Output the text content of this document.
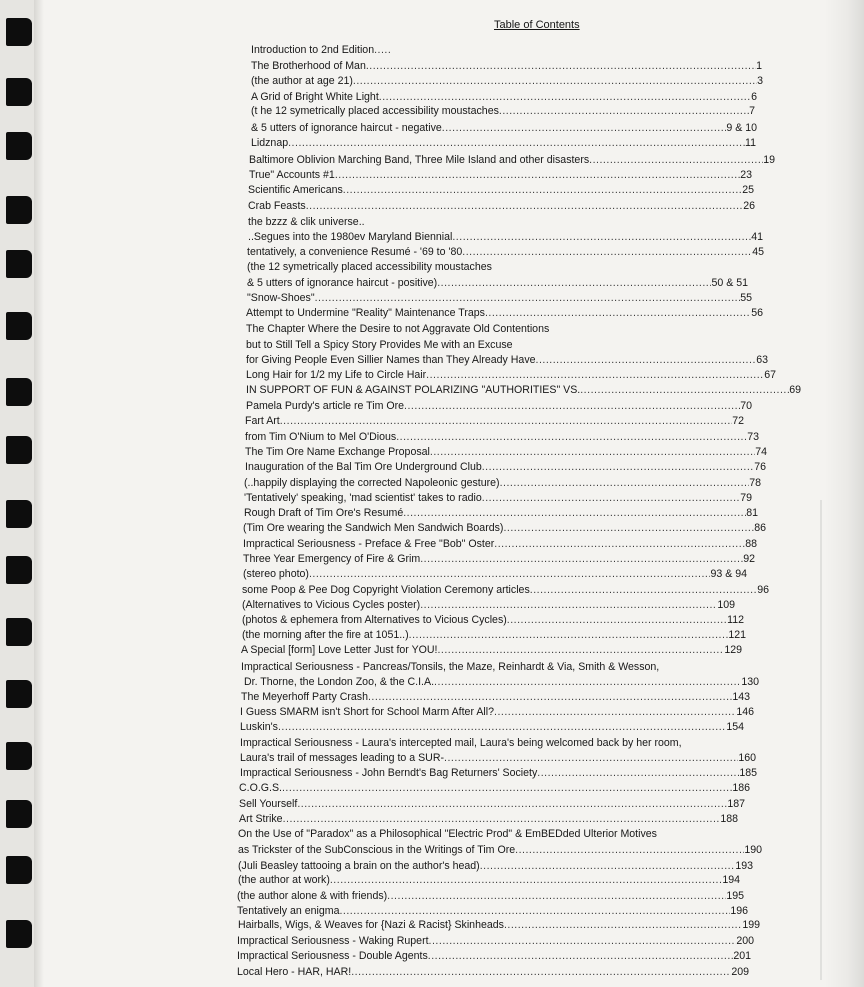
Table of Contents
Introduction to 2nd Edition
.....
The Brotherhood of Man .....	1
(the author at age 21) .....	3
A Grid of Bright White Light .....	6
(t he 12 symetrically placed accessibility moustaches .....	7
& 5 utters of ignorance haircut - negative .....	9 & 10
Lidznap .....	11
Baltimore Oblivion Marching Band, Three Mile Island and other disasters .....	19
True" Accounts #1 .....	23
Scientific Americans .....	25
Crab Feasts .....	26
the bzzz & clik universe..
..Segues into the 1980ev Maryland Biennial .....	41
tentatively, a convenience Resumé - '69 to '80 .....	45
(the 12 symetrically placed accessibility moustaches
& 5 utters of ignorance haircut - positive) .....	50 & 51
"Snow-Shoes" .....	55
Attempt to Undermine "Reality" Maintenance Traps .....	56
The Chapter Where the Desire to not Aggravate Old Contentions
but to Still Tell a Spicy Story Provides Me with an Excuse
for Giving People Even Sillier Names than They Already Have .....	63
Long Hair for 1/2 my Life to Circle Hair .....	67
IN SUPPORT OF FUN & AGAINST POLARIZING "AUTHORITIES" VS. .....	69
Pamela Purdy's article re Tim Ore .....	70
Fart Art .....	72
from Tim O'Nium to Mel O'Dious .....	73
The Tim Ore Name Exchange Proposal .....	74
Inauguration of the Bal Tim Ore Underground Club .....	76
(..happily displaying the corrected Napoleonic gesture) .....	78
'Tentatively' speaking, 'mad scientist' takes to radio .....	79
Rough Draft of Tim Ore's Resumé .....	81
(Tim Ore wearing the Sandwich Men Sandwich Boards) .....	86
Impractical Seriousness - Preface & Free "Bob" Oster .....	88
Three Year Emergency of Fire & Grim .....	92
(stereo photo) .....	93 & 94
some Poop & Pee Dog Copyright Violation Ceremony articles .....	96
(Alternatives to Vicious Cycles poster) .....	109
(photos & ephemera from Alternatives to Vicious Cycles) .....	112
(the morning after the fire at 1051..) .....	121
A Special [form] Love Letter Just for YOU! .....	129
Impractical Seriousness - Pancreas/Tonsils, the Maze, Reinhardt & Via, Smith & Wesson,
Dr. Thorne, the London Zoo, & the C.I.A. .....	130
The Meyerhoff Party Crash .....	143
I Guess SMARM isn't Short for School Marm After All? .....	146
Luskin's .....	154
Impractical Seriousness - Laura's intercepted mail, Laura's being welcomed back by her room,
Laura's trail of messages leading to a SUR- .....	160
Impractical Seriousness - John Berndt's Bag Returners' Society .....	185
C.O.G.S. .....	186
Sell Yourself .....	187
Art Strike .....	188
On the Use of "Paradox" as a Philosophical "Electric Prod" & EmBEDded Ulterior Motives
as Trickster of the SubConscious in the Writings of Tim Ore .....	190
(Juli Beasley tattooing a brain on the author's head) .....	193
(the author at work) .....	194
(the author alone & with friends) .....	195
Tentatively an enigma .....	196
Hairballs, Wigs, & Weaves for {Nazi & Racist} Skinheads .....	199
Impractical Seriousness - Waking Rupert .....	200
Impractical Seriousness - Double Agents .....	201
Local Hero - HAR, HAR! .....	209
